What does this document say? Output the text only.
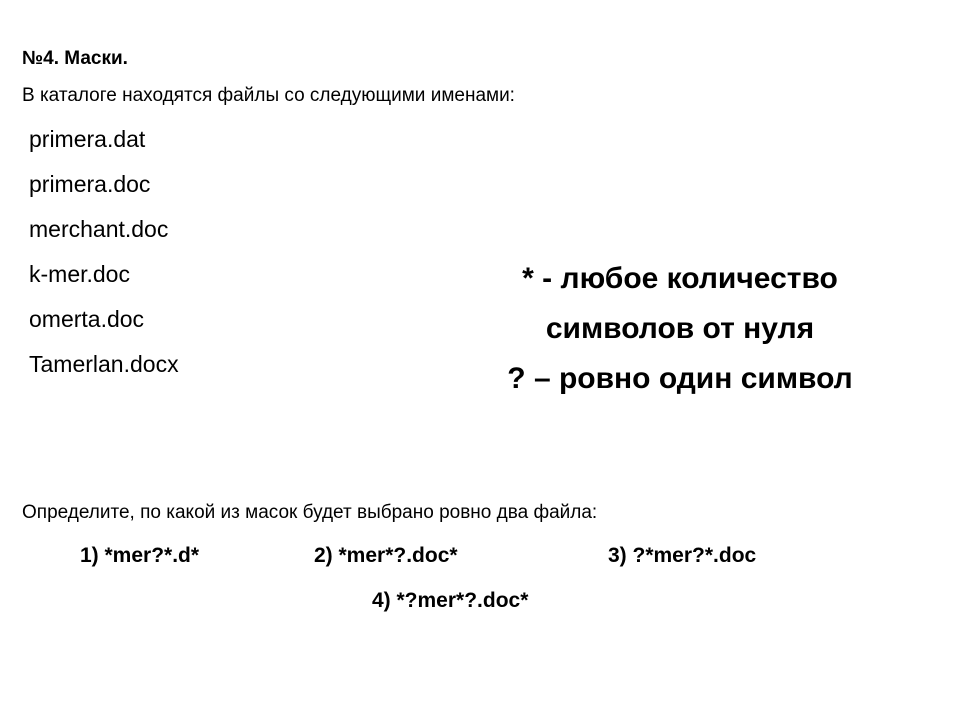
№4. Маски.
В каталоге находятся файлы со следующими именами:
primera.dat
primera.doc
merchant.doc
k-mer.doc
omerta.doc
Tamerlan.docx
* - любое количество
символов от нуля
? – ровно один символ
Определите, по какой из масок будет выбрано ровно два файла:
1) *mer?*.d*	2) *mer*?.doc*	3) ?*mer?*.doc
4) *?mer*?.doc*
